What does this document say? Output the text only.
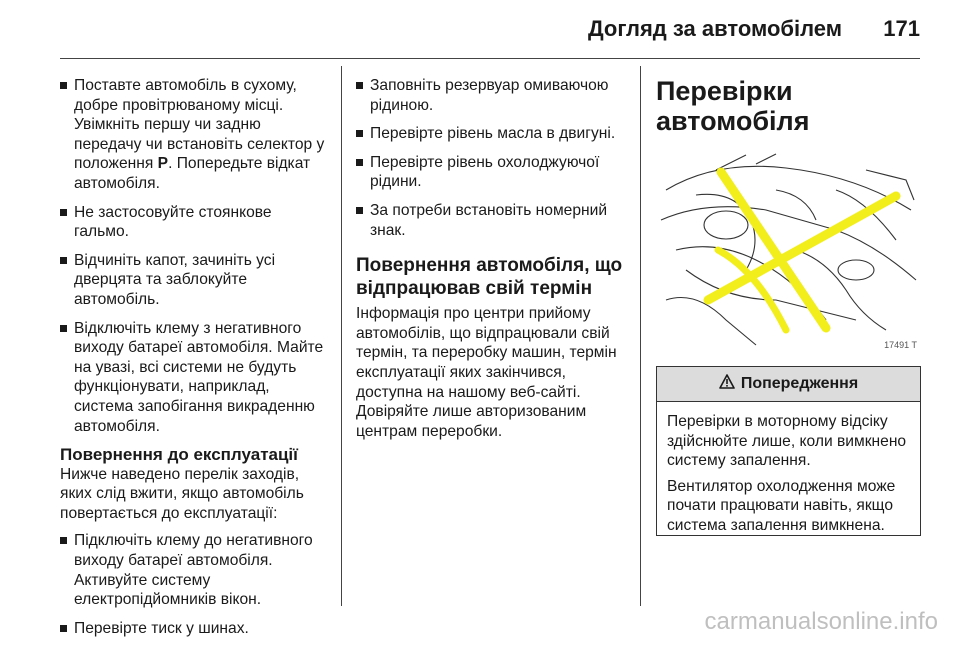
Догляд за автомобілем 171
Поставте автомобіль в сухому, добре провітрюваному місці. Увімкніть першу чи задню передачу чи встановіть селектор у положення P. Попередьте відкат автомобіля.
Не застосовуйте стоянкове гальмо.
Відчиніть капот, зачиніть усі дверцята та заблокуйте автомобіль.
Відключіть клему з негативного виходу батареї автомобіля. Майте на увазі, всі системи не будуть функціонувати, наприклад, система запобігання викраденню автомобіля.
Повернення до експлуатації

Нижче наведено перелік заходів, яких слід вжити, якщо автомобіль повертається до експлуатації:

Підключіть клему до негативного виходу батареї автомобіля. Активуйте систему електропідйомників вікон.
Перевірте тиск у шинах.
Заповніть резервуар омиваючою рідиною.
Перевірте рівень масла в двигуні.
Перевірте рівень охолоджуючої рідини.
За потреби встановіть номерний знак.
Повернення автомобіля, що відпрацював свій термін

Інформація про центри прийому автомобілів, що відпрацювали свій термін, та переробку машин, термін експлуатації яких закінчився, доступна на нашому веб-сайті. Довіряйте лише авторизованим центрам переробки.

Перевірки автомобіля
17491 T
Попередження

Перевірки в моторному відсіку здійснюйте лише, коли вимкнено систему запалення.

Вентилятор охолодження може почати працювати навіть, якщо система запалення вимкнена.

carmanualsonline.info
